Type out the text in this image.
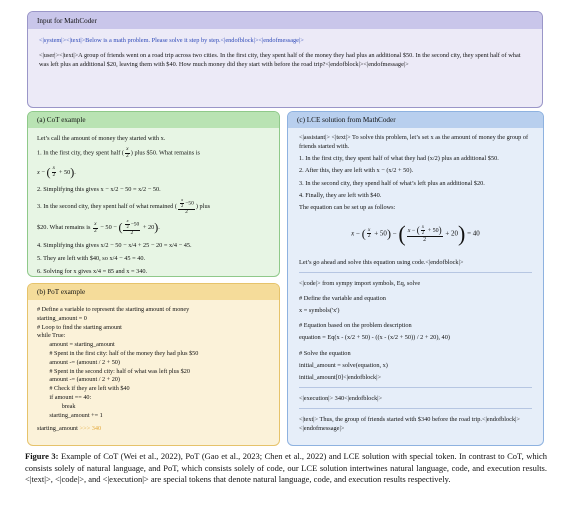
Input for MathCoder

<|system|><|text|>Below is a math problem. Please solve it step by step.<|endofblock|><|endofmessage|>

<|user|><|text|>A group of friends went on a road trip across two cities. In the first city, they spent half of the money they had plus an additional $50. In the second city, they spent half of what was left plus an additional $20, leaving them with $40. How much money did they start with before the road trip?<|endofblock|><|endofmessage|>

(a) CoT example
Let’s call the amount of money they started with x.
1. In the first city, they spent half ( $\frac{x}{2}$ ) plus $50. What remains is
x − ( $\frac{x}{2} + 50$).
2. Simplifying this gives x − x/2 − 50 = x/2 − 50.
3. In the second city, they spent half of what remained ( $\frac{\frac{x}{2} -50}{2}$ ) plus
$20. What remains is $\frac{x}{2} - 50$ − ( $\frac{\frac{x}{2} -50}{2} + 20$).
4. Simplifying this gives x/2 − 50 − x/4 + 25 − 20 = x/4 − 45.
5. They are left with $40, so x/4 − 45 = 40.
6. Solving for x gives x/4 = 85 and x = 340.
(b) PoT example
# Define a variable to represent the starting amount of money
starting_amount = 0
# Loop to find the starting amount
while True:
amount = starting_amount
# Spent in the first city: half of the money they had plus $50
amount -= (amount / 2 + 50)
# Spent in the second city: half of what was left plus $20
amount -= (amount / 2 + 20)
# Check if they are left with $40
if amount == 40:
break
starting_amount += 1
starting_amount >>> 340
(c) LCE solution from MathCoder

<|assistant|> <|text|> To solve this problem, let’s set x as the amount of money the group of friends started with.

1. In the first city, they spent half of what they had (x/2) plus an additional $50.

2. After this, they are left with x − (x/2 + 50).

3. In the second city, they spend half of what’s left plus an additional $20.

4. Finally, they are left with $40.

The equation can be set up as follows:

x − ( $\frac{x}{2} + 50$) − ( $\frac{x - ( \frac{x}{2} + 50)}{2} + 20) = 40$

Let’s go ahead and solve this equation using code.<|endofblock|>

<|code|> from sympy import symbols, Eq, solve

# Define the variable and equation

x = symbols('x')

# Equation based on the problem description

equation = Eq(x - (x/2 + 50) - ((x - (x/2 + 50)) / 2 + 20), 40)

# Solve the equation

initial_amount = solve(equation, x)

initial_amount[0]<|endofblock|>

<|execution|> 340<|endofblock|>

<|text|> Thus, the group of friends started with $340 before the road trip.<|endofblock|><|endofmessage|>

Figure 3: Example of CoT (Wei et al., 2022), PoT (Gao et al., 2023; Chen et al., 2022) and LCE solution with special token. In contrast to CoT, which consists solely of natural language, and PoT, which consists solely of code, our LCE solution intertwines natural language, code, and execution results. <|text|>, <|code|>, and <|execution|> are special tokens that denote natural language, code, and execution results respectively.
